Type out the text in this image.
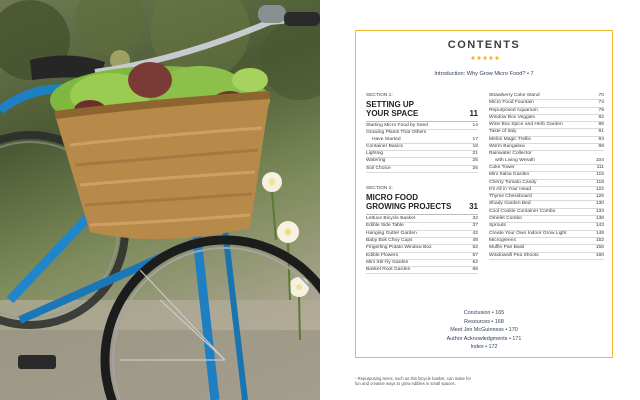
CONTENTS
Introduction: Why Grow Micro Food? • 7
SECTION 1:
SETTING UP
YOUR SPACE	11
Starting Micro Food by Seed	14
Growing Plants That Others
Have Started	17
Container Basics	18
Lighting	21
Watering	25
Soil Choice	26
SECTION 2:
MICRO FOOD
GROWING PROJECTS	31
Lettuce Bicycle Basket	32
Edible Side Table	37
Hanging Gutter Garden	42
Baby Bok Choy Cups	48
Fingerling Potato Window Box	52
Edible Flowers	57
Mini Stir-fry Garden	62
Basket Root Garden	68
Strawberry Coke Stand	70
Micro Food Fountain	74
Repurposed Aquarium	79
Window Box Veggies	82
Wine Box Spice and Herb Garden	86
Taste of Italy	91
Melon Magic Trellis	94
Worm Bungalow	99
Rainwater Collector
with Living Wreath	104
Cuke Tower	111
Mini Salsa Garden	115
Cherry Tomato Candy	118
It's All in Your Head	122
Thyme Chessboard	126
Shady Garden Bed	130
Cool Cookie Container Combo	134
Omelet Combo	138
Sprouts	143
Create Your Own Indoor Grow Light	148
Microgreens	152
Muffin Pan Basil	156
Windowsill Pea Shoots	160
Conclusion • 165
Resources • 168
Meet Jen McGuinness • 170
Author Acknowledgments • 171
Index • 172
• Repurposing items, such as this bicycle basket, can make for fun and creative ways to grow edibles in small spaces.
